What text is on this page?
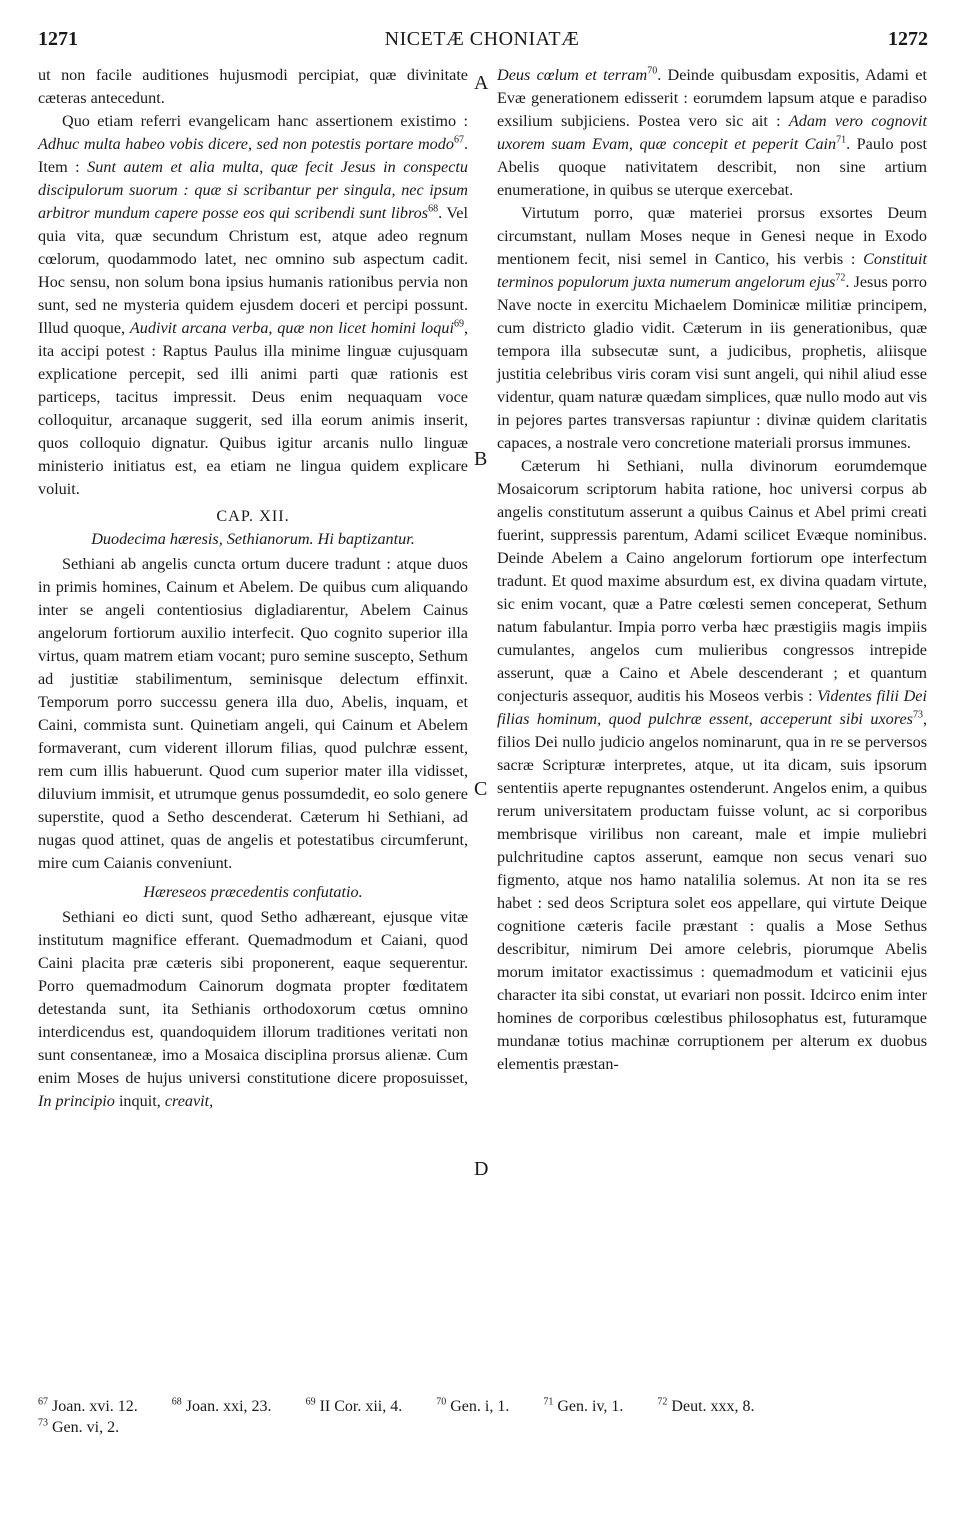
NICETÆ CHONIATÆ
1271	1272
A
B
C
D

ut non facile auditiones hujusmodi percipiat, quæ divinitate cæteras antecedunt.

Quo etiam referri evangelicam hanc assertionem existimo : Adhuc multa habeo vobis dicere, sed non potestis portare modo$^{67}$. Item : Sunt autem et alia multa, quæ fecit Jesus in conspectu discipulorum suorum : quæ si scribantur per singula, nec ipsum arbitror mundum capere posse eos qui scribendi sunt libros$^{68}$. Vel quia vita, quæ secundum Christum est, atque adeo regnum cœlorum, quodammodo latet, nec omnino sub aspectum cadit. Hoc sensu, non solum bona ipsius humanis rationibus pervia non sunt, sed ne mysteria quidem ejusdem doceri et percipi possunt. Illud quoque, Audivit arcana verba, quæ non licet homini loqui$^{69}$, ita accipi potest : Raptus Paulus illa minime linguæ cujusquam explicatione percepit, sed illi animi parti quæ rationis est particeps, tacitus impressit. Deus enim nequaquam voce colloquitur, arcanaque suggerit, sed illa eorum animis inserit, quos colloquio dignatur. Quibus igitur arcanis nullo linguæ ministerio initiatus est, ea etiam ne lingua quidem explicare voluit.

CAP. XII.

Duodecima hæresis, Sethianorum. Hi baptizantur.

Sethiani ab angelis cuncta ortum ducere tradunt : atque duos in primis homines, Cainum et Abelem. De quibus cum aliquando inter se angeli contentiosius digladiarentur, Abelem Cainus angelorum fortiorum auxilio interfecit. Quo cognito superior illa virtus, quam matrem etiam vocant; puro semine suscepto, Sethum ad justitiæ stabilimentum, seminisque delectum effinxit. Temporum porro successu genera illa duo, Abelis, inquam, et Caini, commista sunt. Quinetiam angeli, qui Cainum et Abelem formaverant, cum viderent illorum filias, quod pulchræ essent, rem cum illis habuerunt. Quod cum superior mater illa vidisset, diluvium immisit, et utrumque genus possumdedit, eo solo genere superstite, quod a Setho descenderat. Cæterum hi Sethiani, ad nugas quod attinet, quas de angelis et potestatibus circumferunt, mire cum Caianis conveniunt.

Hæreseos præcedentis confutatio.

Sethiani eo dicti sunt, quod Setho adhæreant, ejusque vitæ institutum magnifice efferant. Quemadmodum et Caiani, quod Caini placita præ cæteris sibi proponerent, eaque sequerentur. Porro quemadmodum Cainorum dogmata propter fœditatem detestanda sunt, ita Sethianis orthodoxorum cœtus omnino interdicendus est, quandoquidem illorum traditiones veritati non sunt consentaneæ, imo a Mosaica disciplina prorsus alienæ. Cum enim Moses de hujus universi constitutione dicere proposuisset, In principio inquit, creavit,

Deus cœlum et terram$^{70}$. Deinde quibusdam expositis, Adami et Evæ generationem edisserit : eorumdem lapsum atque e paradiso exsilium subjiciens. Postea vero sic ait : Adam vero cognovit uxorem suam Evam, quæ concepit et peperit Cain$^{71}$. Paulo post Abelis quoque nativitatem describit, non sine artium enumeratione, in quibus se uterque exercebat.

Virtutum porro, quæ materiei prorsus exsortes Deum circumstant, nullam Moses neque in Genesi neque in Exodo mentionem fecit, nisi semel in Cantico, his verbis : Constituit terminos populorum juxta numerum angelorum ejus$^{72}$. Jesus porro Nave nocte in exercitu Michaelem Dominicæ militiæ principem, cum districto gladio vidit. Cæterum in iis generationibus, quæ tempora illa subsecutæ sunt, a judicibus, prophetis, aliisque justitia celebribus viris coram visi sunt angeli, qui nihil aliud esse videntur, quam naturæ quædam simplices, quæ nullo modo aut vis in pejores partes transversas rapiuntur : divinæ quidem claritatis capaces, a nostrale vero concretione materiali prorsus immunes.

Cæterum hi Sethiani, nulla divinorum eorumdemque Mosaicorum scriptorum habita ratione, hoc universi corpus ab angelis constitutum asserunt a quibus Cainus et Abel primi creati fuerint, suppressis parentum, Adami scilicet Evæque nominibus. Deinde Abelem a Caino angelorum fortiorum ope interfectum tradunt. Et quod maxime absurdum est, ex divina quadam virtute, sic enim vocant, quæ a Patre cœlesti semen conceperat, Sethum natum fabulantur. Impia porro verba hæc præstigiis magis impiis cumulantes, angelos cum mulieribus congressos intrepide asserunt, quæ a Caino et Abele descenderant ; et quantum conjecturis assequor, auditis his Moseos verbis : Videntes filii Dei filias hominum, quod pulchræ essent, acceperunt sibi uxores$^{73}$, filios Dei nullo judicio angelos nominarunt, qua in re se perversos sacræ Scripturæ interpretes, atque, ut ita dicam, suis ipsorum sententiis aperte repugnantes ostenderunt. Angelos enim, a quibus rerum universitatem productam fuisse volunt, ac si corporibus membrisque virilibus non careant, male et impie muliebri pulchritudine captos asserunt, eamque non secus venari suo figmento, atque nos hamo natalilia solemus. At non ita se res habet : sed deos Scriptura solet eos appellare, qui virtute Deique cognitione cæteris facile præstant : qualis a Mose Sethus describitur, nimirum Dei amore celebris, piorumque Abelis morum imitator exactissimus : quemadmodum et vaticinii ejus character ita sibi constat, ut evariari non possit. Idcirco enim inter homines de corporibus cœlestibus philosophatus est, futuramque mundanæ totius machinæ corruptionem per alterum ex duobus elementis præstan-

$^{67}$ Joan. xvi. 12.	$^{68}$ Joan. xxi, 23.	$^{69}$ II Cor. xii, 4.	$^{70}$ Gen. i, 1.	$^{71}$ Gen. iv, 1.	$^{72}$ Deut. xxx, 8.
$^{73}$ Gen. vi, 2.
